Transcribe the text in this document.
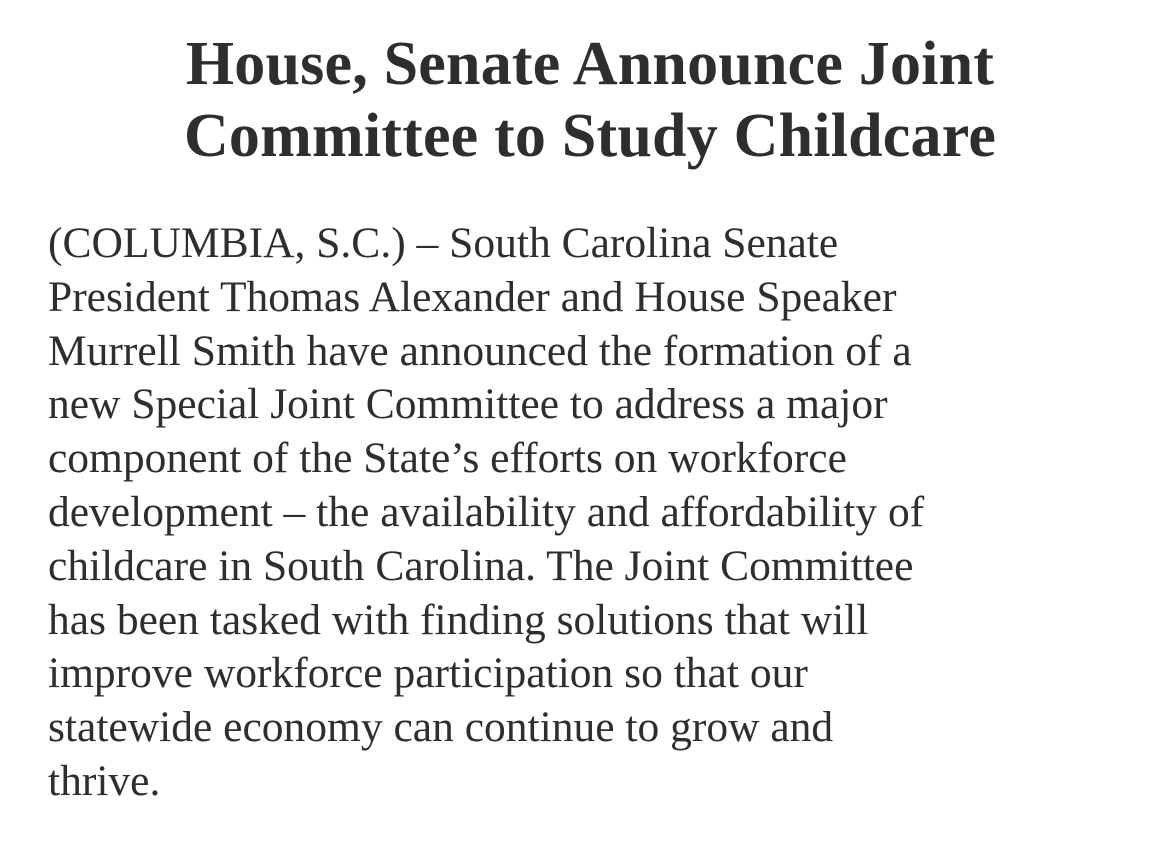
House, Senate Announce Joint
Committee to Study Childcare

(COLUMBIA, S.C.) – South Carolina Senate
President Thomas Alexander and House Speaker
Murrell Smith have announced the formation of a
new Special Joint Committee to address a major
component of the State’s efforts on workforce
development – the availability and affordability of
childcare in South Carolina. The Joint Committee
has been tasked with finding solutions that will
improve workforce participation so that our
statewide economy can continue to grow and
thrive.
